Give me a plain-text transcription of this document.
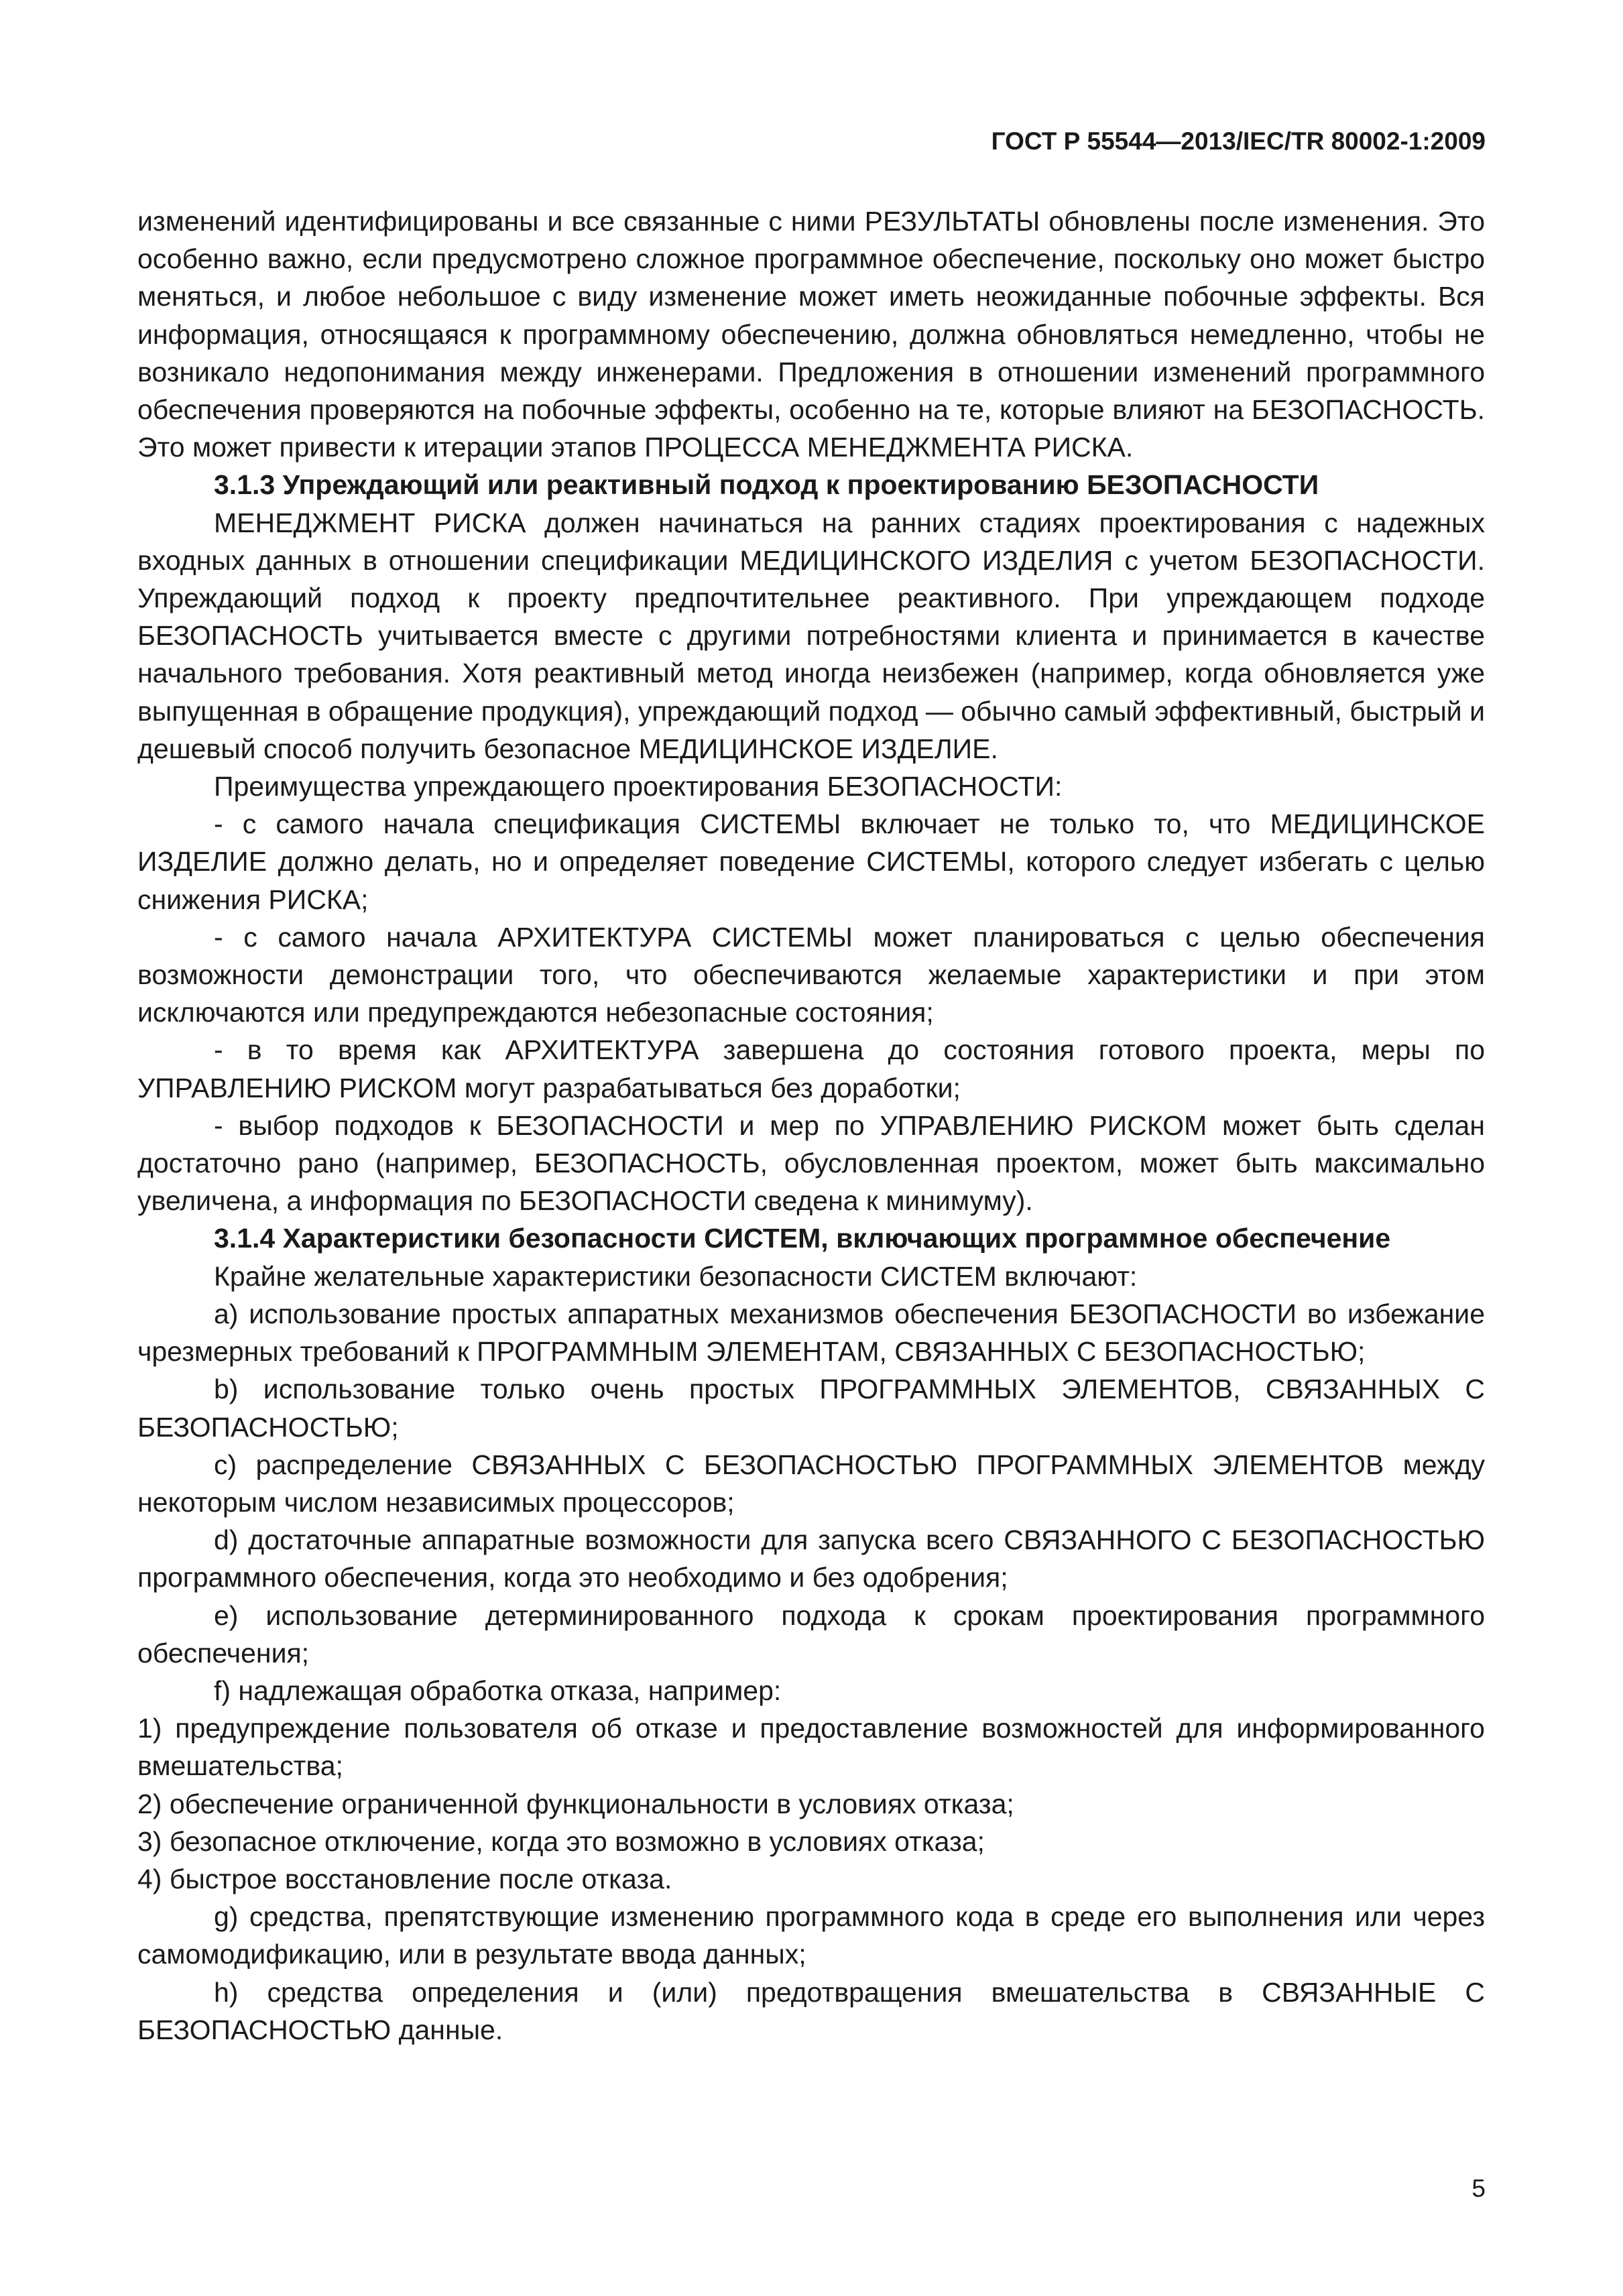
ГОСТ Р 55544—2013/IEC/TR 80002-1:2009

изменений идентифицированы и все связанные с ними РЕЗУЛЬТАТЫ обновлены после изменения. Это особенно важно, если предусмотрено сложное программное обеспечение, поскольку оно может быстро меняться, и любое небольшое с виду изменение может иметь неожиданные побочные эффекты. Вся информация, относящаяся к программному обеспечению, должна обновляться немедленно, чтобы не возникало недопонимания между инженерами. Предложения в отношении изменений программного обеспечения проверяются на побочные эффекты, особенно на те, которые влияют на БЕЗОПАСНОСТЬ. Это может привести к итерации этапов ПРОЦЕССА МЕНЕДЖМЕНТА РИСКА.

3.1.3 Упреждающий или реактивный подход к проектированию БЕЗОПАСНОСТИ

МЕНЕДЖМЕНТ РИСКА должен начинаться на ранних стадиях проектирования с надежных входных данных в отношении спецификации МЕДИЦИНСКОГО ИЗДЕЛИЯ с учетом БЕЗОПАСНОСТИ. Упреждающий подход к проекту предпочтительнее реактивного. При упреждающем подходе БЕЗОПАСНОСТЬ учитывается вместе с другими потребностями клиента и принимается в качестве начального требования. Хотя реактивный метод иногда неизбежен (например, когда обновляется уже выпущенная в обращение продукция), упреждающий подход — обычно самый эффективный, быстрый и дешевый способ получить безопасное МЕДИЦИНСКОЕ ИЗДЕЛИЕ.

Преимущества упреждающего проектирования БЕЗОПАСНОСТИ:

- с самого начала спецификация СИСТЕМЫ включает не только то, что МЕДИЦИНСКОЕ ИЗДЕЛИЕ должно делать, но и определяет поведение СИСТЕМЫ, которого следует избегать с целью снижения РИСКА;

- с самого начала АРХИТЕКТУРА СИСТЕМЫ может планироваться с целью обеспечения возможности демонстрации того, что обеспечиваются желаемые характеристики и при этом исключаются или предупреждаются небезопасные состояния;

- в то время как АРХИТЕКТУРА завершена до состояния готового проекта, меры по УПРАВЛЕНИЮ РИСКОМ могут разрабатываться без доработки;

- выбор подходов к БЕЗОПАСНОСТИ и мер по УПРАВЛЕНИЮ РИСКОМ может быть сделан достаточно рано (например, БЕЗОПАСНОСТЬ, обусловленная проектом, может быть максимально увеличена, а информация по БЕЗОПАСНОСТИ сведена к минимуму).

3.1.4 Характеристики безопасности СИСТЕМ, включающих программное обеспечение

Крайне желательные характеристики безопасности СИСТЕМ включают:

a) использование простых аппаратных механизмов обеспечения БЕЗОПАСНОСТИ во избежание чрезмерных требований к ПРОГРАММНЫМ ЭЛЕМЕНТАМ, СВЯЗАННЫХ С БЕЗОПАСНОСТЬЮ;

b) использование только очень простых ПРОГРАММНЫХ ЭЛЕМЕНТОВ, СВЯЗАННЫХ С БЕЗОПАСНОСТЬЮ;

c) распределение СВЯЗАННЫХ С БЕЗОПАСНОСТЬЮ ПРОГРАММНЫХ ЭЛЕМЕНТОВ между некоторым числом независимых процессоров;

d) достаточные аппаратные возможности для запуска всего СВЯЗАННОГО С БЕЗОПАСНОСТЬЮ программного обеспечения, когда это необходимо и без одобрения;

e) использование детерминированного подхода к срокам проектирования программного обеспечения;

f) надлежащая обработка отказа, например:

1) предупреждение пользователя об отказе и предоставление возможностей для информированного вмешательства;

2) обеспечение ограниченной функциональности в условиях отказа;

3) безопасное отключение, когда это возможно в условиях отказа;

4) быстрое восстановление после отказа.

g) средства, препятствующие изменению программного кода в среде его выполнения или через самомодификацию, или в результате ввода данных;

h) средства определения и (или) предотвращения вмешательства в СВЯЗАННЫЕ С БЕЗОПАСНОСТЬЮ данные.

5
